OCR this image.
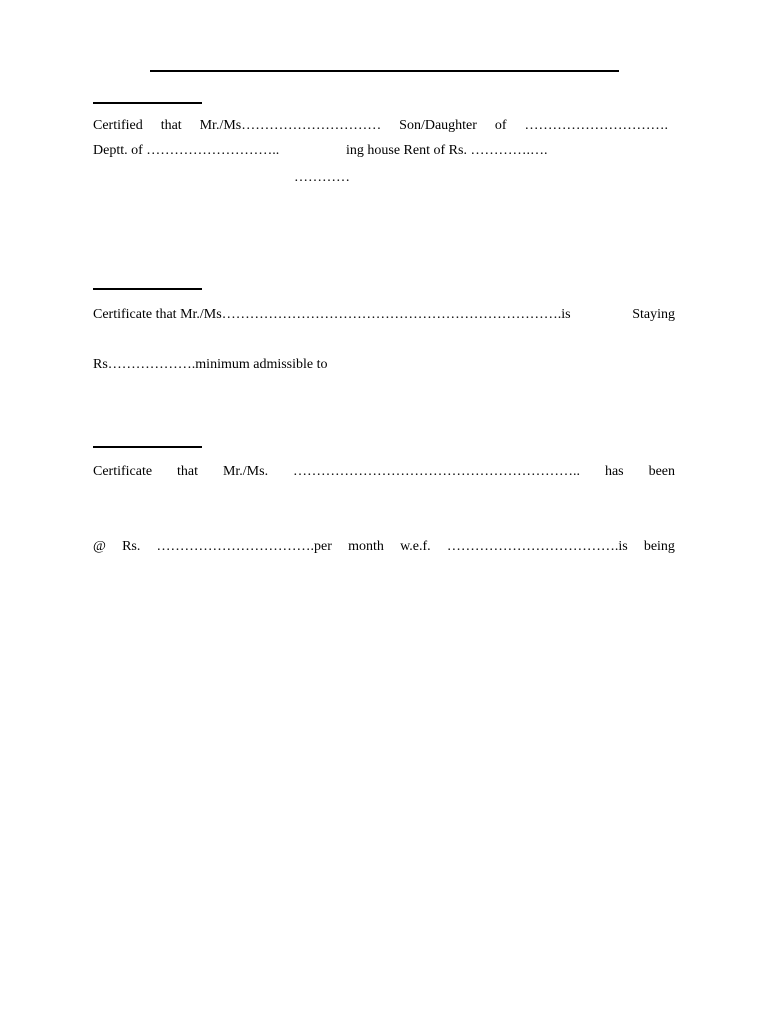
Certified that Mr./Ms………………………… Son/Daughter of ………………………….
Deptt. of ………………………..	ing house Rent of Rs. ………….….
…………
Certificate that Mr./Ms……………………………………………………………….is	Staying
Rs……………….minimum admissible to
Certificate that Mr./Ms. …………………………………………………….. has been
@ Rs. …………………………….per month w.e.f. ……………………………….is being
